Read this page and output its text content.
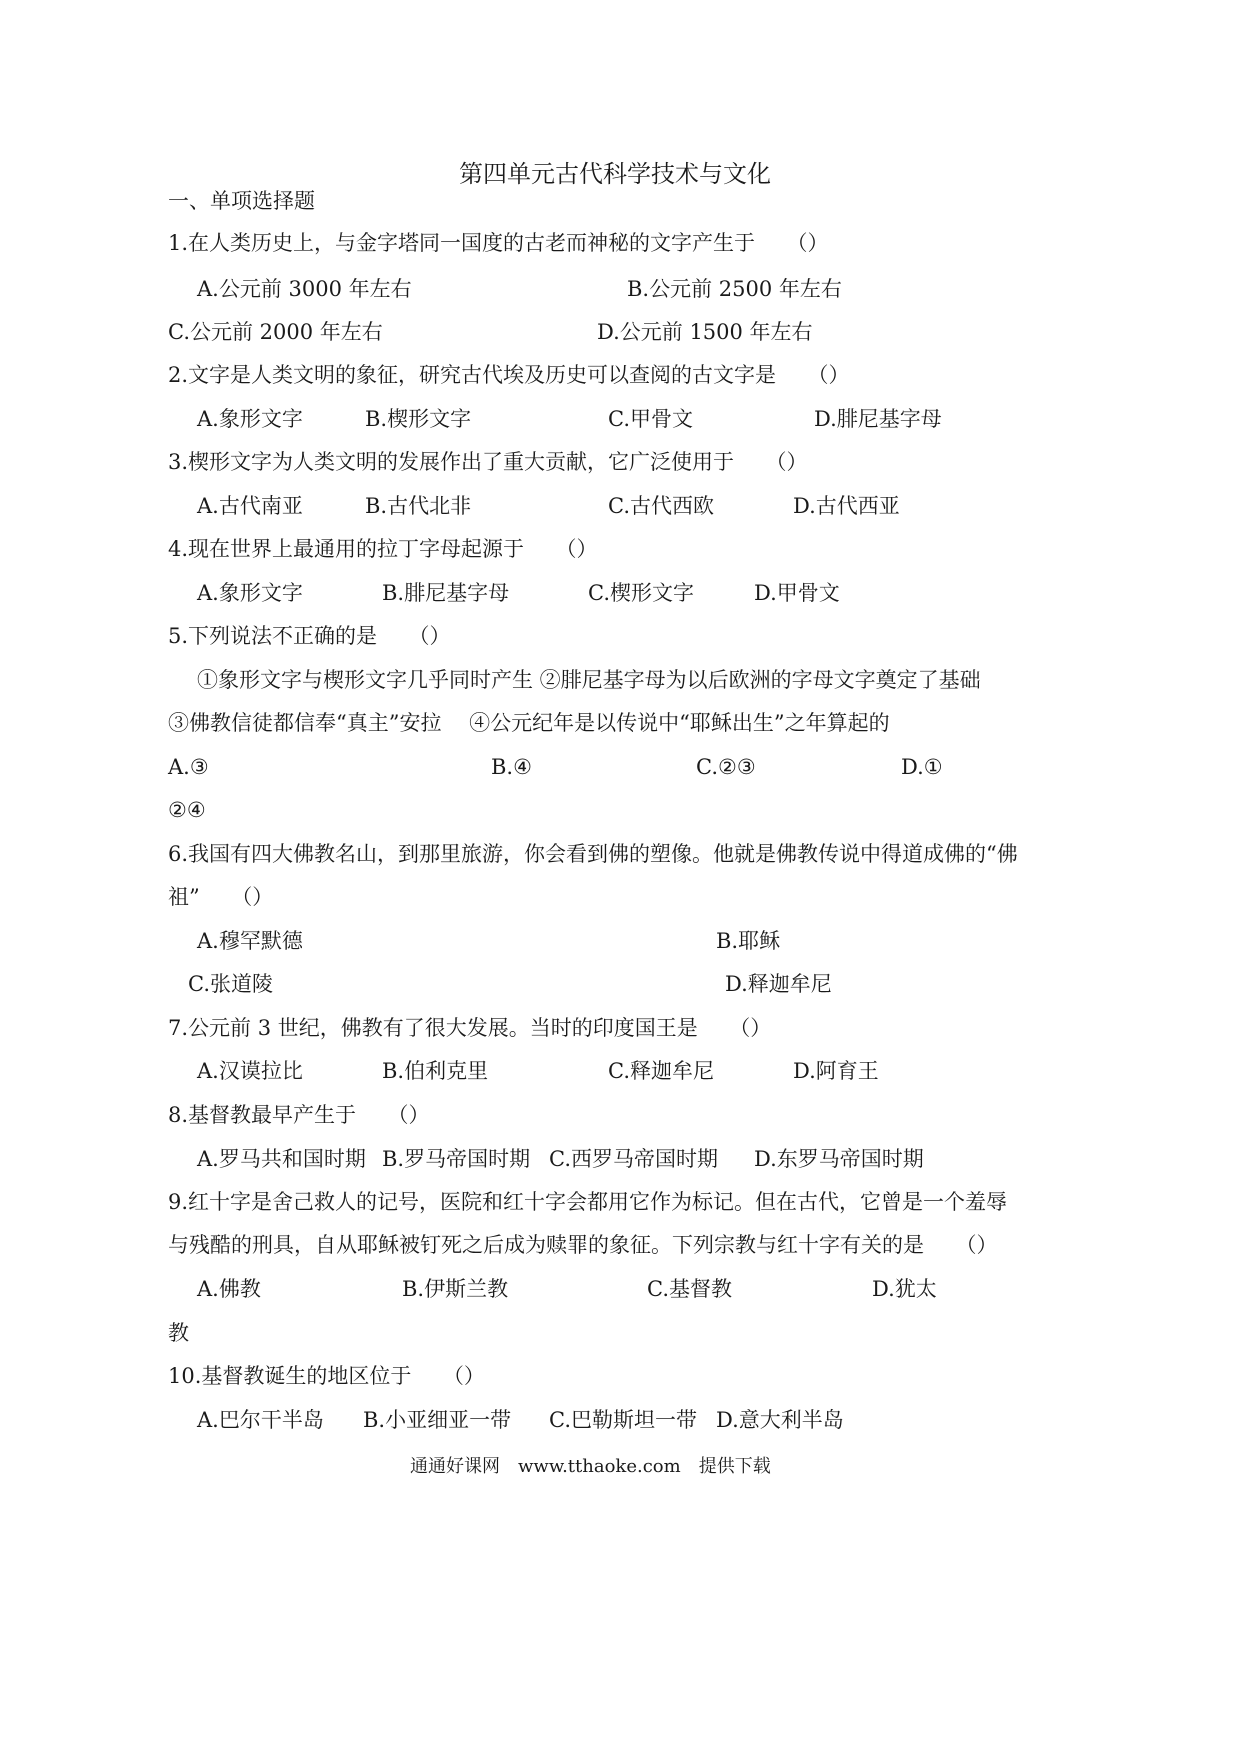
第四单元古代科学技术与文化
一、单项选择题
1.在人类历史上，与金字塔同一国度的古老而神秘的文字产生于　　（）
A.公元前 3000 年左右	B.公元前 2500 年左右
C.公元前 2000 年左右	D.公元前 1500 年左右
2.文字是人类文明的象征，研究古代埃及历史可以查阅的古文字是　　（）
A.象形文字	B.楔形文字	C.甲骨文	D.腓尼基字母
3.楔形文字为人类文明的发展作出了重大贡献，它广泛使用于　　（）
A.古代南亚	B.古代北非	C.古代西欧	D.古代西亚
4.现在世界上最通用的拉丁字母起源于　　（）
A.象形文字	B.腓尼基字母	C.楔形文字	D.甲骨文
5.下列说法不正确的是　　（）
①象形文字与楔形文字几乎同时产生 ②腓尼基字母为以后欧洲的字母文字奠定了基础
③佛教信徒都信奉“真主”安拉　 ④公元纪年是以传说中“耶稣出生”之年算起的
A.③	B.④	C.②③	D.①
②④
6.我国有四大佛教名山，到那里旅游，你会看到佛的塑像。他就是佛教传说中得道成佛的“佛
祖”　　（）
A.穆罕默德	B.耶稣
C.张道陵	D.释迦牟尼
7.公元前 3 世纪，佛教有了很大发展。当时的印度国王是　　（）
A.汉谟拉比	B.伯利克里	C.释迦牟尼	D.阿育王
8.基督教最早产生于　　（）
A.罗马共和国时期 B.罗马帝国时期 C.西罗马帝国时期 D.东罗马帝国时期
9.红十字是舍己救人的记号，医院和红十字会都用它作为标记。但在古代，它曾是一个羞辱
与残酷的刑具，自从耶稣被钉死之后成为赎罪的象征。下列宗教与红十字有关的是　　（）
A.佛教	B.伊斯兰教	C.基督教	D.犹太
教
10.基督教诞生的地区位于　　（）
A.巴尔干半岛 B.小亚细亚一带 C.巴勒斯坦一带 D.意大利半岛
通通好课网　www.tthaoke.com　提供下载
